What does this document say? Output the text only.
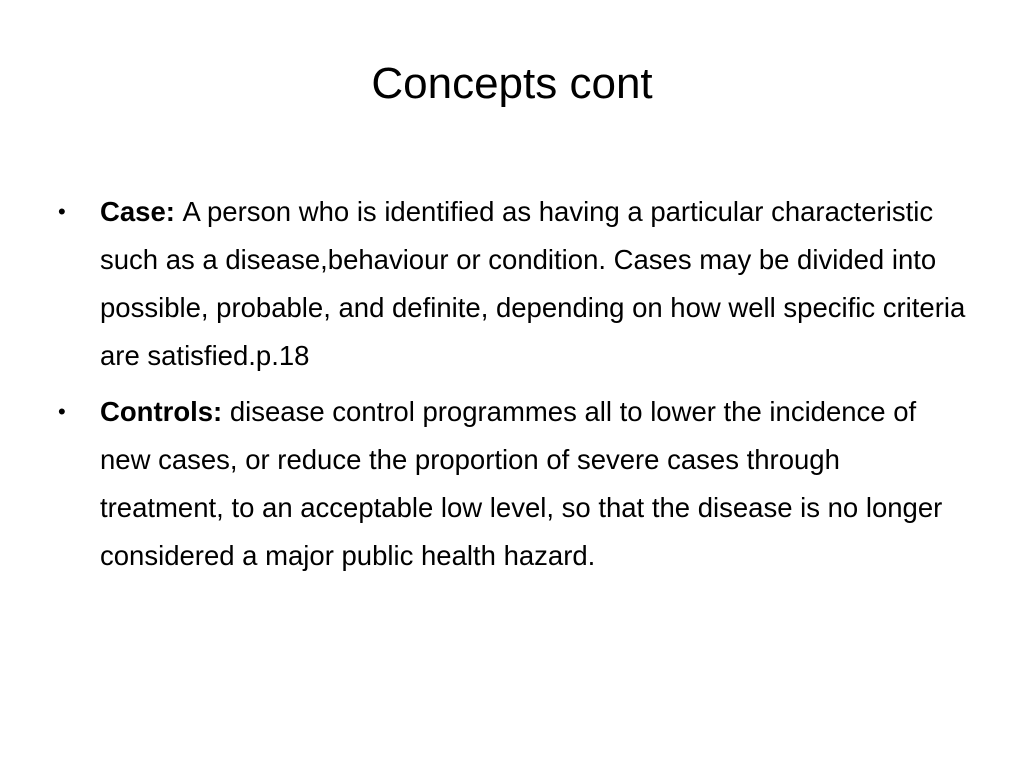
Concepts cont
•	Case: A person who is identified as having a particular characteristic such as a disease,behaviour or condition. Cases may be divided into possible, probable, and definite, depending on how well specific criteria are satisfied.p.18
•	Controls: disease control programmes all to lower the incidence of new cases, or reduce the proportion of severe cases through treatment, to an acceptable low level, so that the disease is no longer considered a major public health hazard.
